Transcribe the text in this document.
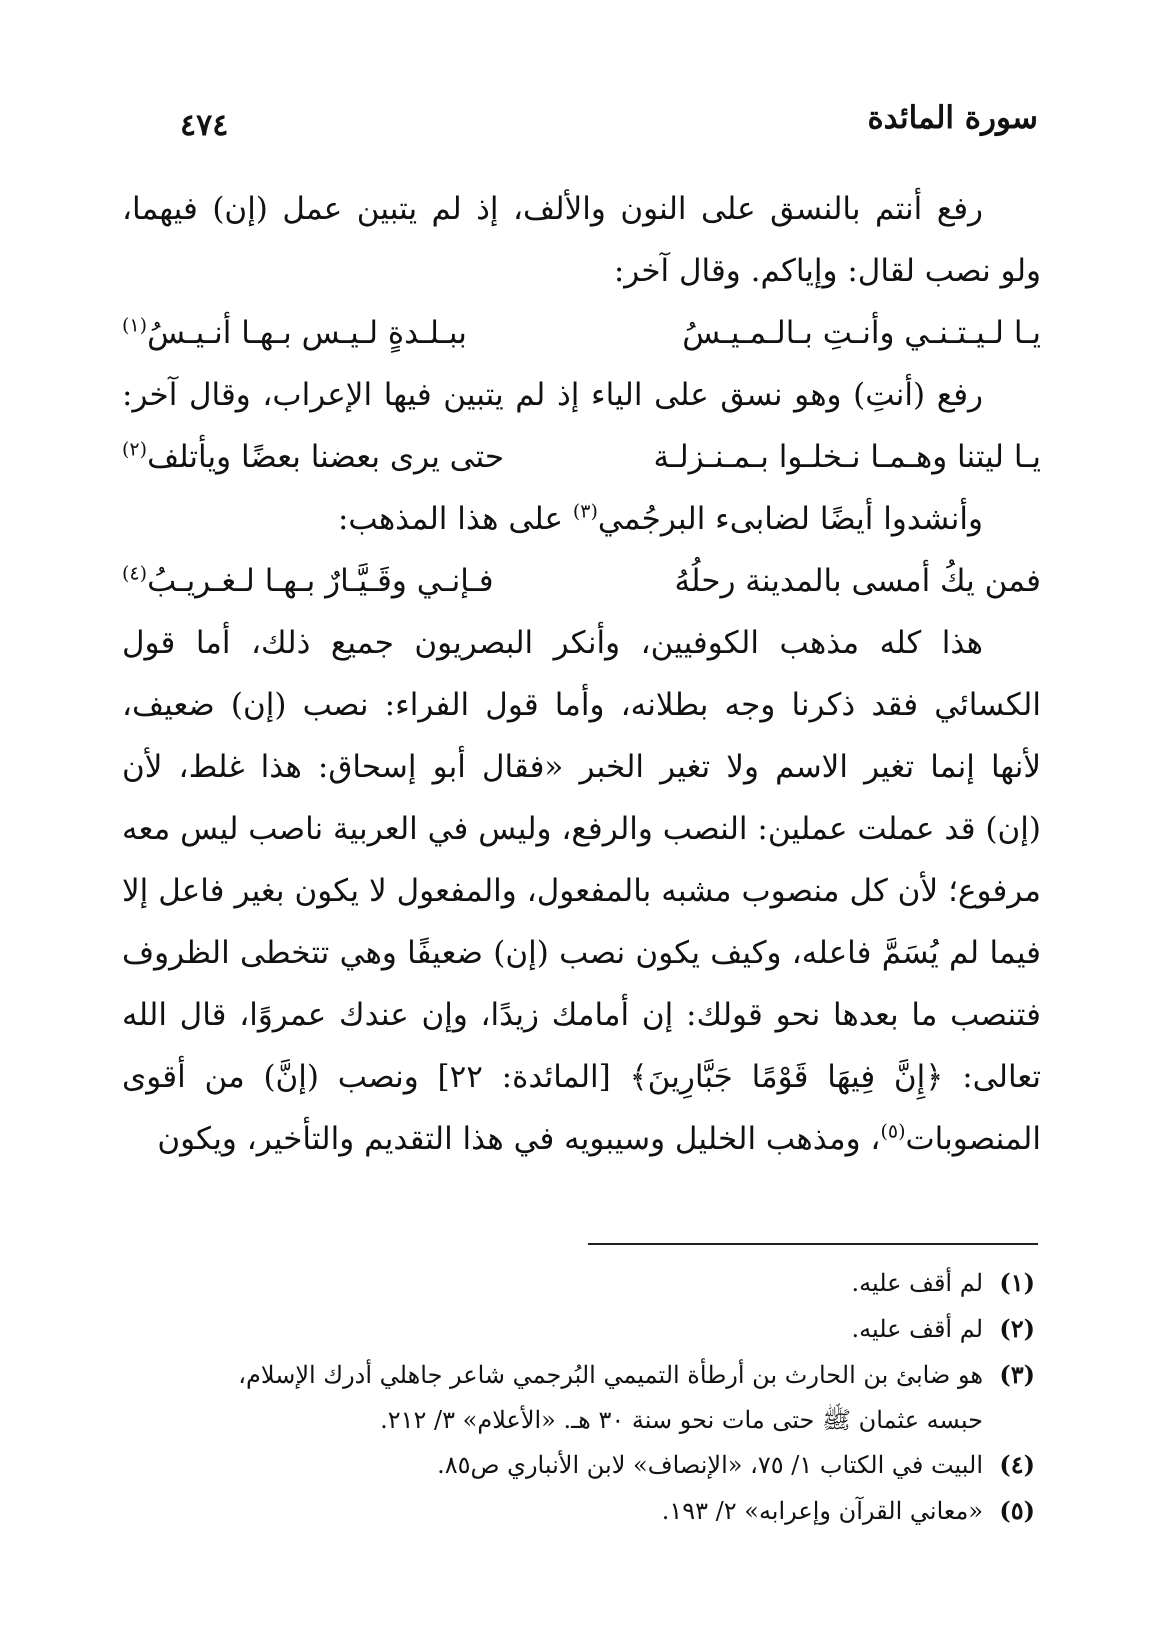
سورة المائدة
٤٧٤
رفع أنتم بالنسق على النون والألف، إذ لم يتبين عمل (إن) فيهما،
ولو نصب لقال: وإياكم. وقال آخر:
يـا لـيـتـنـي وأنـتِ بـالـمـيـسُ
ببـلـدةٍ لـيـس بـهـا أنـيـسُ$^{(١)}$
رفع (أنتِ) وهو نسق على الياء إذ لم يتبين فيها الإعراب، وقال آخر:
يـا ليتنا وهـمـا نـخلـوا بـمـنـزلـة
حتى يرى بعضنا بعضًا ويأتلف$^{(٢)}$
وأنشدوا أيضًا لضابىء البرجُمي$^{(٣)}$ على هذا المذهب:
فمن يكُ أمسى بالمدينة رحلُهُ
فـإنـي وقَـيَّـارٌ بـهـا لـغـريـبُ$^{(٤)}$
هذا كله مذهب الكوفيين، وأنكر البصريون جميع ذلك، أما قول
الكسائي فقد ذكرنا وجه بطلانه، وأما قول الفراء: نصب (إن) ضعيف،
لأنها إنما تغير الاسم ولا تغير الخبر «فقال أبو إسحاق: هذا غلط، لأن
(إن) قد عملت عملين: النصب والرفع، وليس في العربية ناصب ليس معه
مرفوع؛ لأن كل منصوب مشبه بالمفعول، والمفعول لا يكون بغير فاعل إلا
فيما لم يُسَمَّ فاعله، وكيف يكون نصب (إن) ضعيفًا وهي تتخطى الظروف
فتنصب ما بعدها نحو قولك: إن أمامك زيدًا، وإن عندك عمروًا، قال الله
تعالى: ﴿إِنَّ فِيهَا قَوْمًا جَبَّارِينَ﴾ [المائدة: ٢٢] ونصب (إنَّ) من أقوى
المنصوبات$^{(٥)}$، ومذهب الخليل وسيبويه في هذا التقديم والتأخير، ويكون
(١)
لم أقف عليه.
(٢)
لم أقف عليه.
(٣)
هو ضابئ بن الحارث بن أرطأة التميمي البُرجمي شاعر جاهلي أدرك الإسلام،
حبسه عثمان ﷺ حتى مات نحو سنة ٣٠ هـ. «الأعلام» ٣/ ٢١٢.
(٤)
البيت في الكتاب ١/ ٧٥، «الإنصاف» لابن الأنباري ص٨٥.
(٥)
«معاني القرآن وإعرابه» ٢/ ١٩٣.
